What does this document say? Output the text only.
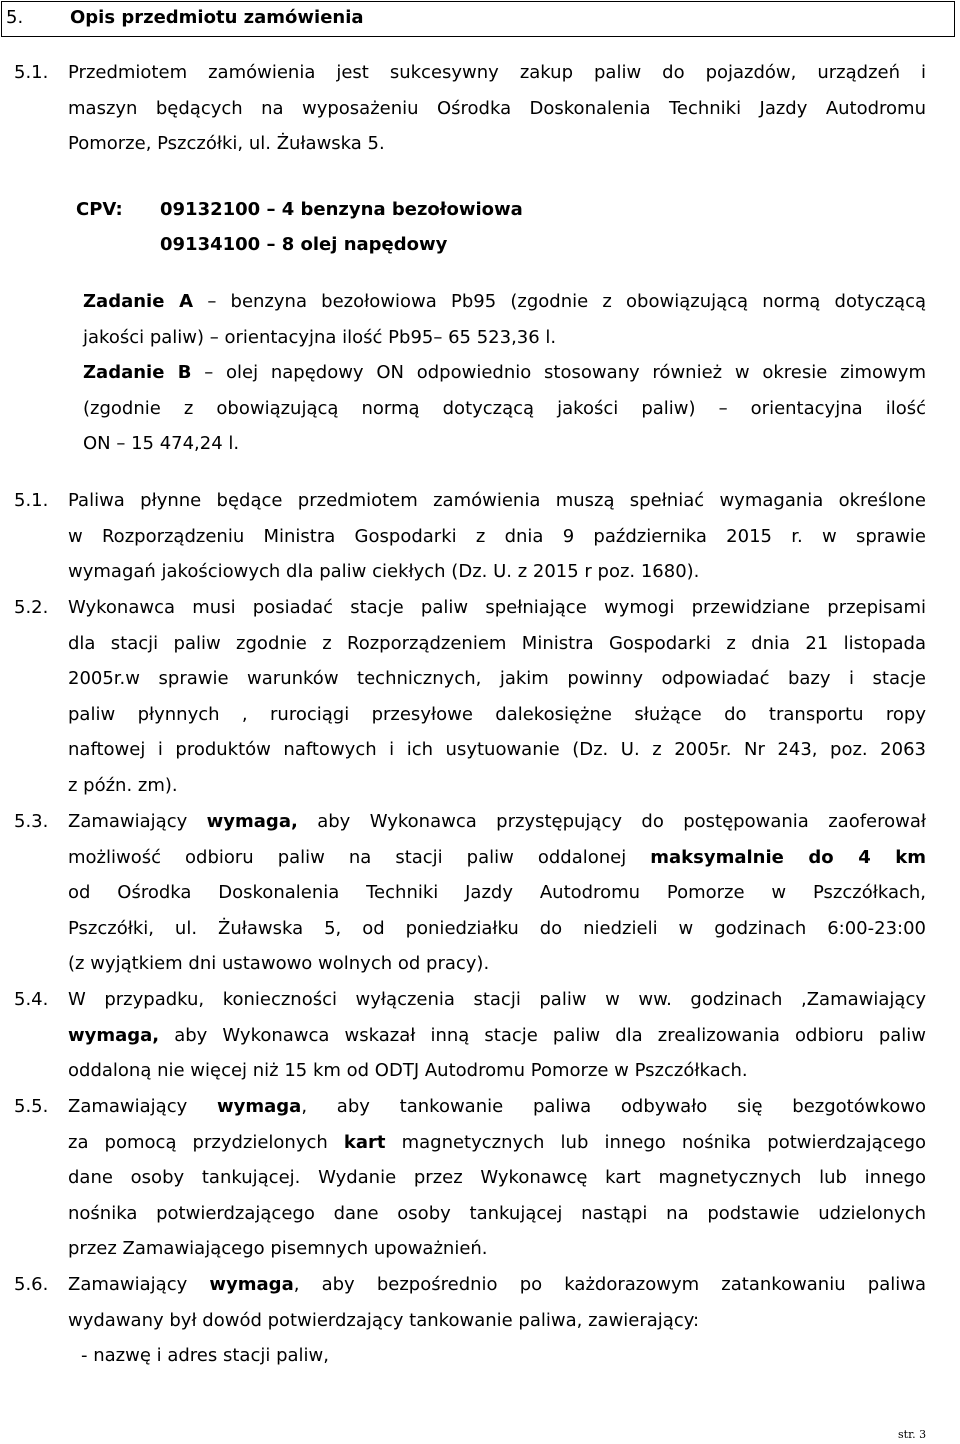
5.	Opis przedmiotu zamówienia
5.1. Przedmiotem zamówienia jest sukcesywny zakup paliw do pojazdów, urządzeń i
maszyn będących na wyposażeniu Ośrodka Doskonalenia Techniki Jazdy Autodromu
Pomorze, Pszczółki, ul. Żuławska 5.
CPV: 09132100 – 4 benzyna bezołowiowa
09134100 – 8 olej napędowy
Zadanie A – benzyna bezołowiowa Pb95 (zgodnie z obowiązującą normą dotyczącą
jakości paliw) – orientacyjna ilość Pb95– 65 523,36 l.
Zadanie B – olej napędowy ON odpowiednio stosowany również w okresie zimowym
(zgodnie z obowiązującą normą dotyczącą jakości paliw) – orientacyjna ilość
ON – 15 474,24 l.
5.1. Paliwa płynne będące przedmiotem zamówienia muszą spełniać wymagania określone
w Rozporządzeniu Ministra Gospodarki z dnia 9 października 2015 r. w sprawie
wymagań jakościowych dla paliw ciekłych (Dz. U. z 2015 r poz. 1680).
5.2. Wykonawca musi posiadać stacje paliw spełniające wymogi przewidziane przepisami
dla stacji paliw zgodnie z Rozporządzeniem Ministra Gospodarki z dnia 21 listopada
2005r.w sprawie warunków technicznych, jakim powinny odpowiadać bazy i stacje
paliw płynnych , rurociągi przesyłowe dalekosiężne służące do transportu ropy
naftowej i produktów naftowych i ich usytuowanie (Dz. U. z 2005r. Nr 243, poz. 2063
z późn. zm).
5.3. Zamawiający wymaga, aby Wykonawca przystępujący do postępowania zaoferował
możliwość odbioru paliw na stacji paliw oddalonej maksymalnie do 4 km
od Ośrodka Doskonalenia Techniki Jazdy Autodromu Pomorze w Pszczółkach,
Pszczółki, ul. Żuławska 5, od poniedziałku do niedzieli w godzinach 6:00-23:00
(z wyjątkiem dni ustawowo wolnych od pracy).
5.4. W przypadku, konieczności wyłączenia stacji paliw w ww. godzinach ,Zamawiający
wymaga, aby Wykonawca wskazał inną stacje paliw dla zrealizowania odbioru paliw
oddaloną nie więcej niż 15 km od ODTJ Autodromu Pomorze w Pszczółkach.
5.5. Zamawiający wymaga, aby tankowanie paliwa odbywało się bezgotówkowo
za pomocą przydzielonych kart magnetycznych lub innego nośnika potwierdzającego
dane osoby tankującej. Wydanie przez Wykonawcę kart magnetycznych lub innego
nośnika potwierdzającego dane osoby tankującej nastąpi na podstawie udzielonych
przez Zamawiającego pisemnych upoważnień.
5.6. Zamawiający wymaga, aby bezpośrednio po każdorazowym zatankowaniu paliwa
wydawany był dowód potwierdzający tankowanie paliwa, zawierający:
- nazwę i adres stacji paliw,
str. 3
